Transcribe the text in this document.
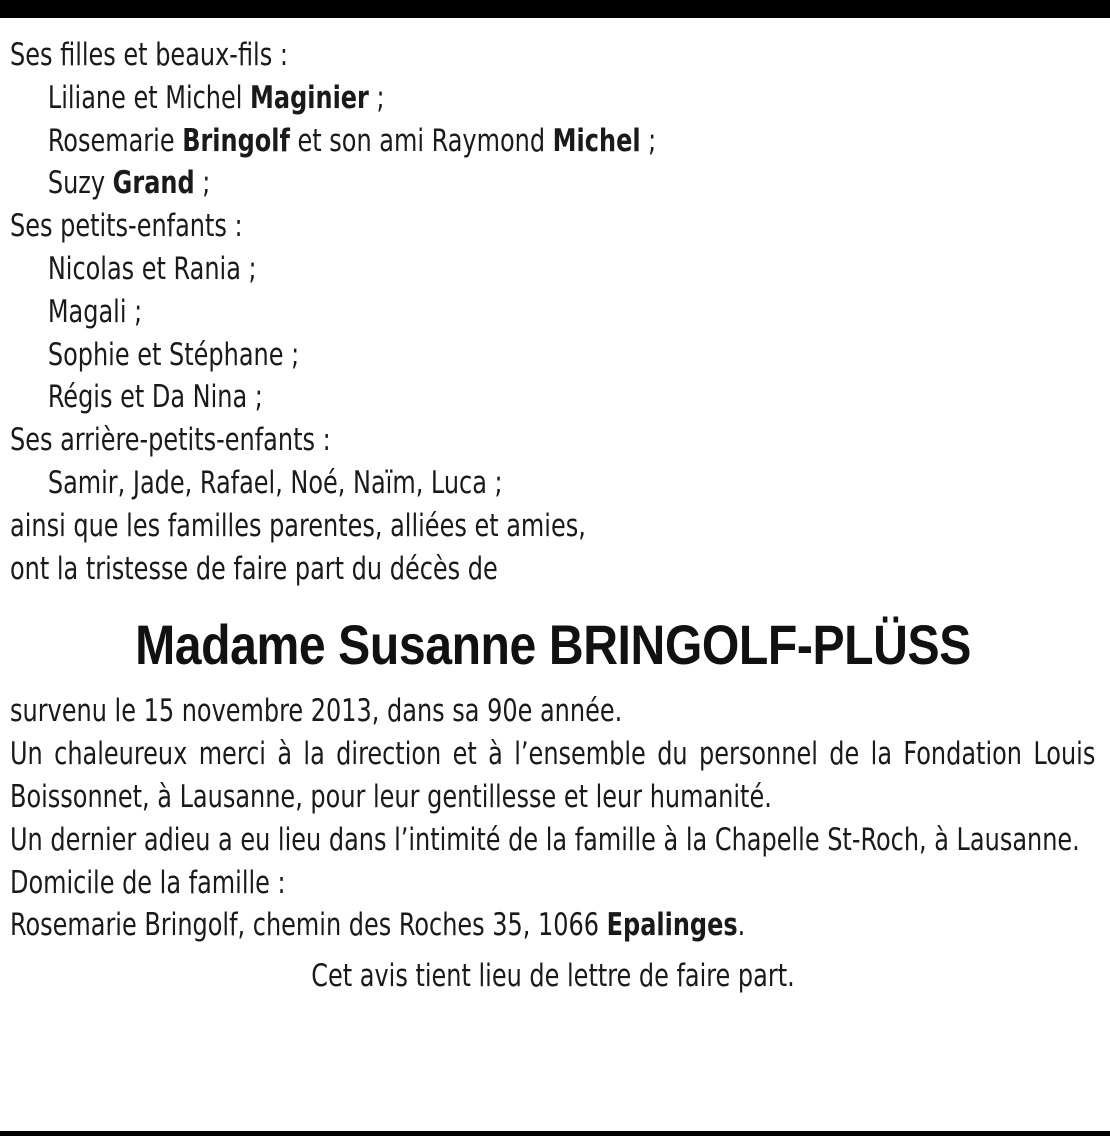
Ses filles et beaux-fils :
Liliane et Michel Maginier ;
Rosemarie Bringolf et son ami Raymond Michel ;
Suzy Grand ;
Ses petits-enfants :
Nicolas et Rania ;
Magali ;
Sophie et Stéphane ;
Régis et Da Nina ;
Ses arrière-petits-enfants :
Samir, Jade, Rafael, Noé, Naïm, Luca ;
ainsi que les familles parentes, alliées et amies,
ont la tristesse de faire part du décès de
Madame Susanne BRINGOLF-PLÜSS
survenu le 15 novembre 2013, dans sa 90e année.
Un chaleureux merci à la direction et à l’ensemble du personnel de la Fondation Louis Boissonnet, à Lausanne, pour leur gentillesse et leur humanité.
Un dernier adieu a eu lieu dans l’intimité de la famille à la Chapelle St-Roch, à Lausanne.
Domicile de la famille :
Rosemarie Bringolf, chemin des Roches 35, 1066 Epalinges.
Cet avis tient lieu de lettre de faire part.
